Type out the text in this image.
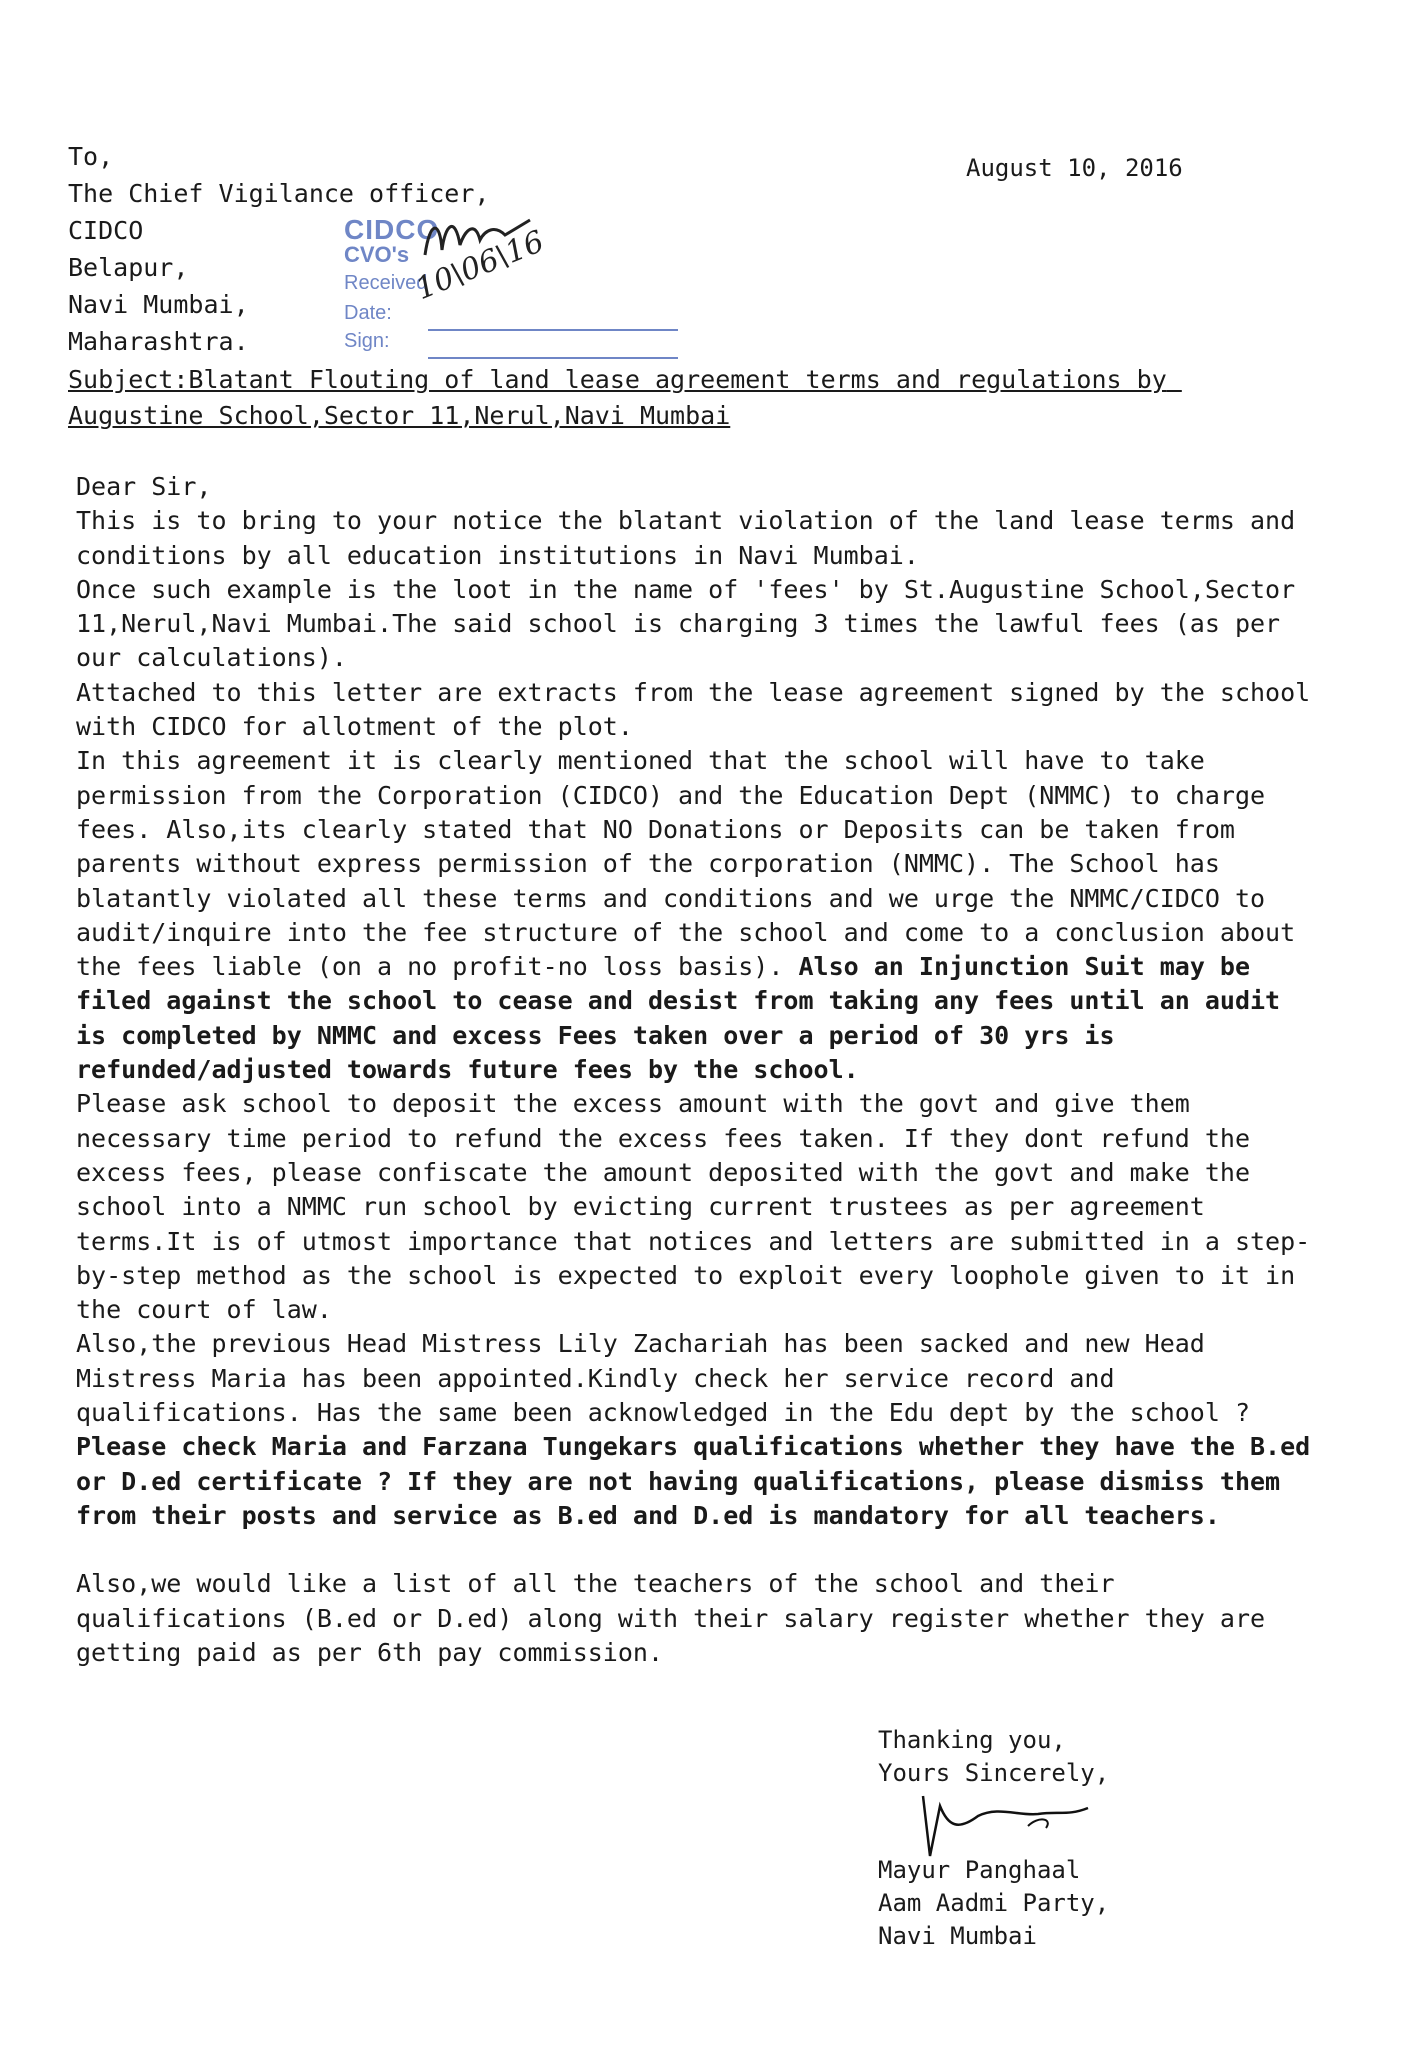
To,
The Chief Vigilance officer,
CIDCO
Belapur,
Navi Mumbai,
Maharashtra.
August 10, 2016
CIDCO
CVO's
Received
Date:
Sign:
10\06\16
Subject:Blatant Flouting of land lease agreement terms and regulations by Augustine School,Sector 11,Nerul,Navi Mumbai

Dear Sir,

This is to bring to your notice the blatant violation of the land lease terms and conditions by all education institutions in Navi Mumbai.

Once such example is the loot in the name of 'fees' by St.Augustine School,Sector 11,Nerul,Navi Mumbai.The said school is charging 3 times the lawful fees (as per our calculations).

Attached to this letter are extracts from the lease agreement signed by the school with CIDCO for allotment of the plot.

In this agreement it is clearly mentioned that the school will have to take permission from the Corporation (CIDCO) and the Education Dept (NMMC) to charge fees. Also,its clearly stated that NO Donations or Deposits can be taken from parents without express permission of the corporation (NMMC). The School has blatantly violated all these terms and conditions and we urge the NMMC/CIDCO to audit/inquire into the fee structure of the school and come to a conclusion about the fees liable (on a no profit-no loss basis). Also an Injunction Suit may be filed against the school to cease and desist from taking any fees until an audit is completed by NMMC and excess Fees taken over a period of 30 yrs is refunded/adjusted towards future fees by the school.

Please ask school to deposit the excess amount with the govt and give them necessary time period to refund the excess fees taken. If they dont refund the excess fees, please confiscate the amount deposited with the govt and make the school into a NMMC run school by evicting current trustees as per agreement terms.It is of utmost importance that notices and letters are submitted in a step-by-step method as the school is expected to exploit every loophole given to it in the court of law.

Also,the previous Head Mistress Lily Zachariah has been sacked and new Head Mistress Maria has been appointed.Kindly check her service record and qualifications. Has the same been acknowledged in the Edu dept by the school ?Please check Maria and Farzana Tungekars qualifications whether they have the B.ed or D.ed certificate ? If they are not having qualifications, please dismiss them from their posts and service as B.ed and D.ed is mandatory for all teachers.

Also,we would like a list of all the teachers of the school and their qualifications (B.ed or D.ed) along with their salary register whether they are getting paid as per 6th pay commission.

Thanking you,
Yours Sincerely,
Mayur Panghaal
Aam Aadmi Party,
Navi Mumbai
